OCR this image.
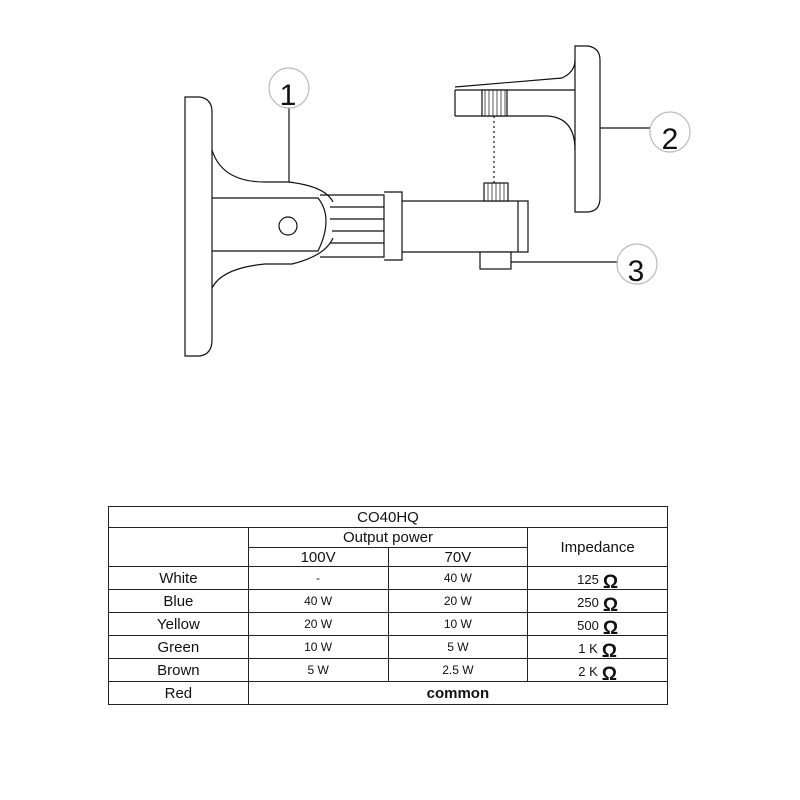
1
2
3
CO40HQ			
	Output power		Impedance
	100V	70V	
White	-	40 W	125 Ω
Blue	40 W	20 W	250 Ω
Yellow	20 W	10 W	500 Ω
Green	10 W	5 W	1 K Ω
Brown	5 W	2.5 W	2 K Ω
Red	common		
